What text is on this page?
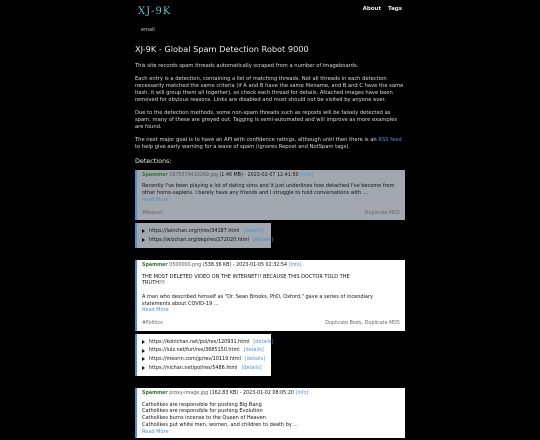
XJ-9K
email
About Tags
XJ-9K - Global Spam Detection Robot 9000

This site records spam threads automatically scraped from a number of imageboards.

Each entry is a detection, containing a list of matching threads. Not all threads in each detection necessarily matched the same criteria (if A and B have the same filename, and B and C have the same hash, it will group them all together), so check each thread for details. Attached images have been removed for obvious reasons. Links are disabled and most should not be visited by anyone ever.

Due to the detection methods, some non-spam threads such as reposts will be falsely detected as spam, many of these are greyed out. Tagging is semi-automated and will improve as more examples are found.

The next major goal is to have an API with confidence ratings, although until then there is an RSS feed to help give early warning for a wave of spam (ignores Repost and NotSpam tags).

Detections:
Spammer 1675579410269.jpg (1.46 MB) - 2023-02-07 12:41:50 [Info]
Recently I've been playing a lot of dating sims and it just underlines how detached I've become from
other homo-sapiens. I barely have any friends and I struggle to hold conversations with ...
Read More
#Repost	Duplicate MD5
https://lainchan.org/r/res/34187.html [details]
https://wizchan.org/dep/res/272020.html [details]
Spammer 0500000.png (538.36 KB) - 2023-01-05 02:32:54 [Info]
THE MOST DELETED VIDEO ON THE INTERNET!! BECAUSE THIS DOCTOR TOLD THE
TRUTH!!!

A man who described himself as "Dr. Sean Brooks, PhD, Oxford," gave a series of incendiary
statements about COVID-19 ...
Read More
#Politics	Duplicate Body, Duplicate MD5
https://kohlchan.net/pol/res/120931.html [details]
https://lulz.net/furi/res/3685150.html [details]
https://meorin.com/jp/res/10119.html [details]
https://nichan.net/pol/res/5486.html [details]
Spammer proxy-image.jpg (162.83 KB) - 2023-01-02 08:05:20 [Info]
Catholikes are responsible for pushing Big Bang
Catholikes are responsible for pushing Evolution
Catholikes burns incense to the Queen of Heaven
Catholikes put white men, women, and children to death by ...
Read More
